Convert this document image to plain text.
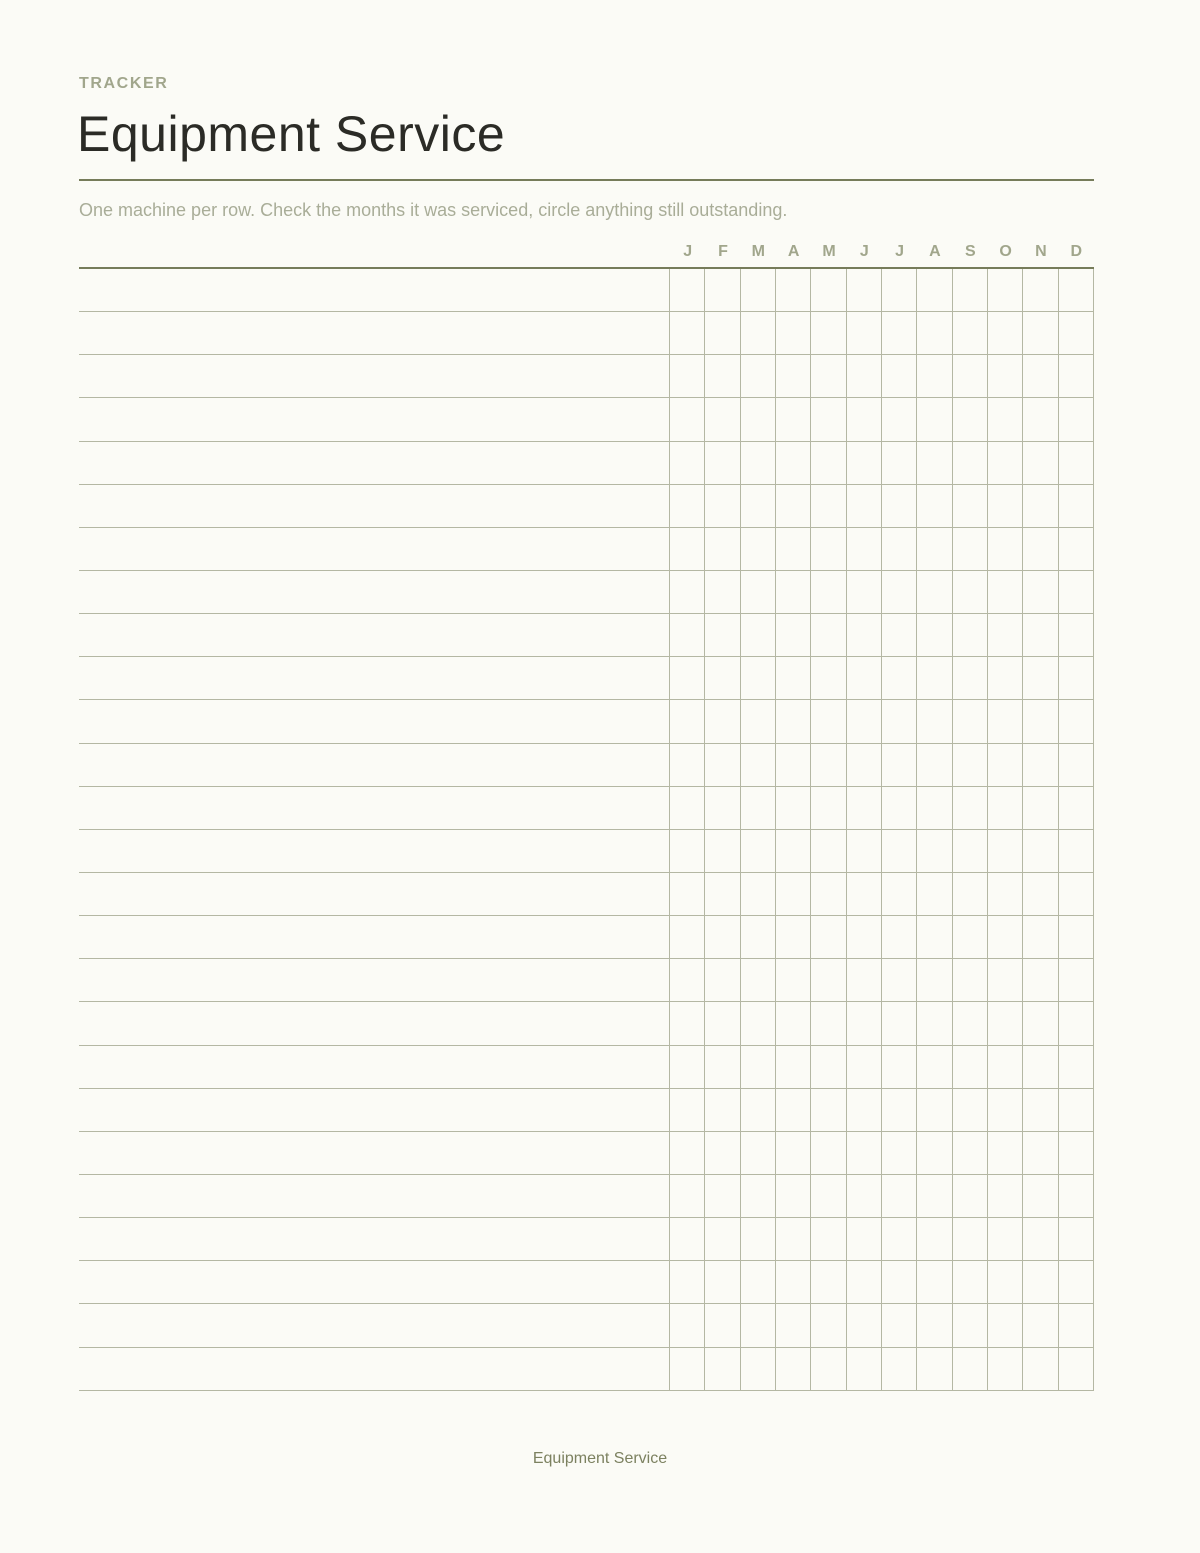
TRACKER
Equipment Service
One machine per row. Check the months it was serviced, circle anything still outstanding.
J	F	M	A	M	J	J	A	S	O	N	D
Equipment Service
